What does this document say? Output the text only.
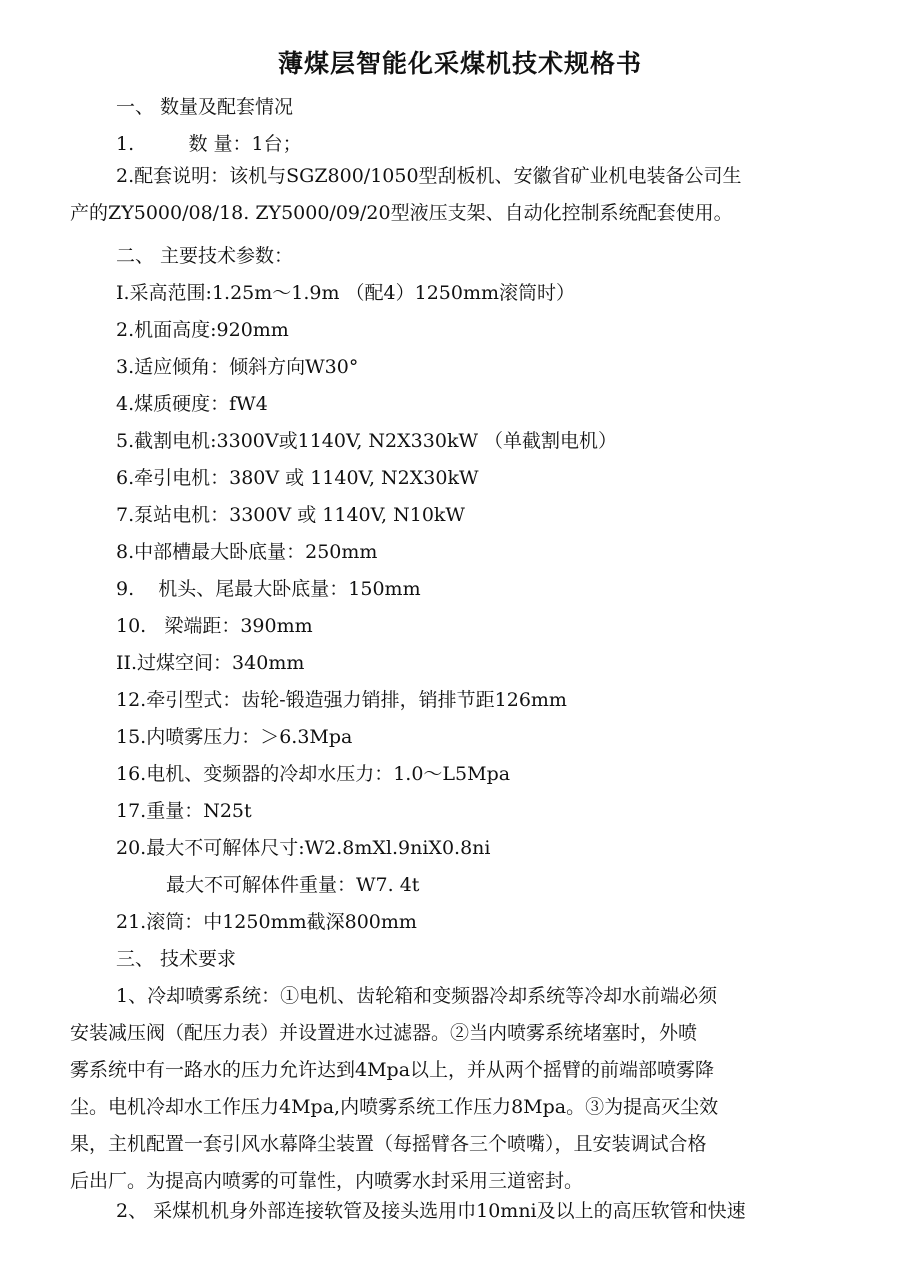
薄煤层智能化采煤机技术规格书
一、 数量及配套情况
1.         数 量：1台；
2.配套说明：该机与SGZ800/1050型刮板机、安徽省矿业机电装备公司生
产的ZY5000/08/18. ZY5000/09/20型液压支架、自动化控制系统配套使用。
二、 主要技术参数：
I.采高范围:1.25m〜1.9m （配4）1250mm滚筒时）
2.机面高度:920mm
3.适应倾角：倾斜方向W30°
4.煤质硬度：fW4
5.截割电机:3300V或1140V, N2X330kW （单截割电机）
6.牵引电机：380V 或 1140V, N2X30kW
7.泵站电机：3300V 或 1140V, N10kW
8.中部槽最大卧底量：250mm
9.    机头、尾最大卧底量：150mm
10.   梁端距：390mm
II.过煤空间：340mm
12.牵引型式：齿轮-锻造强力销排，销排节距126mm
15.内喷雾压力：＞6.3Mpa
16.电机、变频器的冷却水压力：1.0〜L5Mpa
17.重量：N25t
20.最大不可解体尺寸:W2.8mXl.9niX0.8ni
最大不可解体件重量：W7. 4t
21.滚筒：中1250mm截深800mm
三、 技术要求
1、冷却喷雾系统：①电机、齿轮箱和变频器冷却系统等冷却水前端必须
安装减压阀（配压力表）并设置进水过滤器。②当内喷雾系统堵塞时，外喷
雾系统中有一路水的压力允许达到4Mpa以上，并从两个摇臂的前端部喷雾降
尘。电机冷却水工作压力4Mpa,内喷雾系统工作压力8Mpa。③为提高灭尘效
果，主机配置一套引风水幕降尘装置（每摇臂各三个喷嘴），且安装调试合格
后出厂。为提高内喷雾的可靠性，内喷雾水封采用三道密封。
2、 采煤机机身外部连接软管及接头选用巾10mni及以上的高压软管和快速
